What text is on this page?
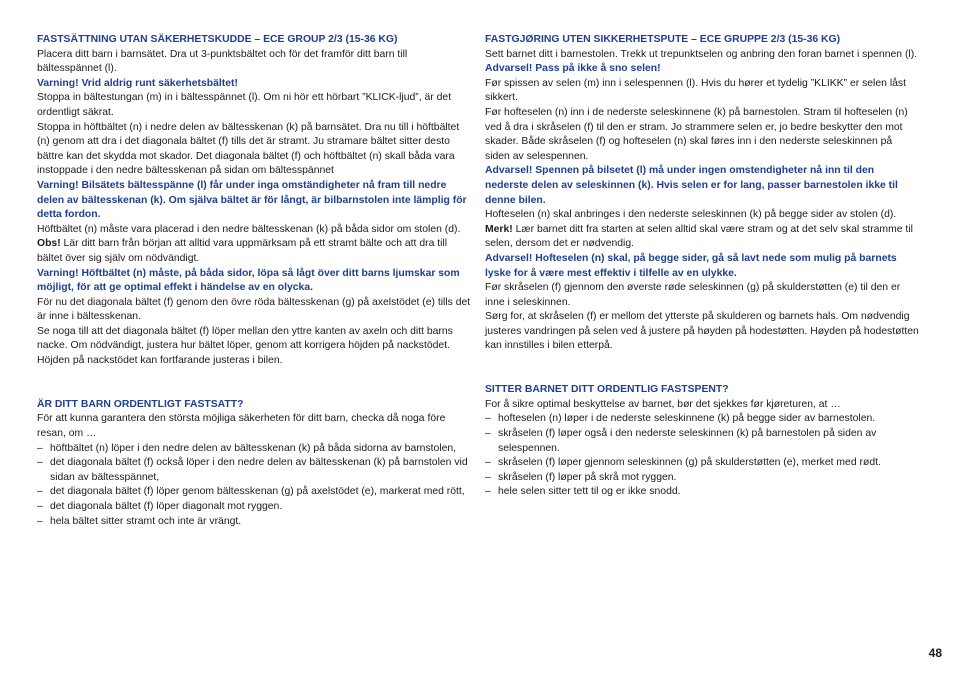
FASTSÄTTNING UTAN SÄKERHETSKUDDE – ECE GROUP 2/3 (15-36 KG)

Placera ditt barn i barnsätet. Dra ut 3-punktsbältet och för det framför ditt barn till bältesspännet (l).

Varning! Vrid aldrig runt säkerhetsbältet!

Stoppa in bältestungan (m) in i bältesspännet (l). Om ni hör ett hörbart ”KLICK-ljud”, är det ordentligt säkrat.

Stoppa in höftbältet (n) i nedre delen av bältesskenan (k) på barnsätet. Dra nu till i höftbältet (n) genom att dra i det diagonala bältet (f) tills det är stramt. Ju stramare bältet sitter desto bättre kan det skydda mot skador. Det diagonala bältet (f) och höftbältet (n) skall båda vara instoppade i den nedre bältesskenan på sidan om bältesspännet

Varning! Bilsätets bältesspänne (l) får under inga omständigheter nå fram till nedre delen av bältesskenan (k). Om själva bältet är för långt, är bilbarnstolen inte lämplig för detta fordon.

Höftbältet (n) måste vara placerad i den nedre bältesskenan (k) på båda sidor om stolen (d).

Obs! Lär ditt barn från början att alltid vara uppmärksam på ett stramt bälte och att dra till bältet över sig själv om nödvändigt.

Varning! Höftbältet (n) måste, på båda sidor, löpa så lågt över ditt barns ljumskar som möjligt, för att ge optimal effekt i händelse av en olycka.

För nu det diagonala bältet (f) genom den övre röda bältesskenan (g) på axelstödet (e) tills det är inne i bältesskenan.

Se noga till att det diagonala bältet (f) löper mellan den yttre kanten av axeln och ditt barns nacke. Om nödvändigt, justera hur bältet löper, genom att korrigera höjden på nackstödet. Höjden på nackstödet kan fortfarande justeras i bilen.

ÄR DITT BARN ORDENTLIGT FASTSATT?

För att kunna garantera den största möjliga säkerheten för ditt barn, checka då noga före resan, om …

– höftbältet (n) löper i den nedre delen av bältesskenan (k) på båda sidorna av barnstolen,
– det diagonala bältet (f) också löper i den nedre delen av bältesskenan (k) på barnstolen vid sidan av bältesspännet,
– det diagonala bältet (f) löper genom bältesskenan (g) på axelstödet (e), markerat med rött,
– det diagonala bältet (f) löper diagonalt mot ryggen.
– hela bältet sitter stramt och inte är vrängt.

FASTGJØRING UTEN SIKKERHETSPUTE – ECE GRUPPE 2/3 (15-36 KG)

Sett barnet ditt i barnestolen. Trekk ut trepunktselen og anbring den foran barnet i spennen (l).

Advarsel! Pass på ikke å sno selen!

Før spissen av selen (m) inn i selespennen (l). Hvis du hører et tydelig ”KLIKK” er selen låst sikkert.

Før hofteselen (n) inn i de nederste seleskinnene (k) på barnestolen. Stram til hofteselen (n) ved å dra i skråselen (f) til den er stram. Jo strammere selen er, jo bedre beskytter den mot skader. Både skråselen (f) og hofteselen (n) skal føres inn i den nederste seleskinnen på siden av selespennen.

Advarsel! Spennen på bilsetet (l) må under ingen omstendigheter nå inn til den nederste delen av seleskinnen (k). Hvis selen er for lang, passer barnestolen ikke til denne bilen.

Hofteselen (n) skal anbringes i den nederste seleskinnen (k) på begge sider av stolen (d).

Merk! Lær barnet ditt fra starten at selen alltid skal være stram og at det selv skal stramme til selen, dersom det er nødvendig.

Advarsel! Hofteselen (n) skal, på begge sider, gå så lavt nede som mulig på barnets lyske for å være mest effektiv i tilfelle av en ulykke.

Før skråselen (f) gjennom den øverste røde seleskinnen (g) på skulderstøtten (e) til den er inne i seleskinnen.

Sørg for, at skråselen (f) er mellom det ytterste på skulderen og barnets hals. Om nødvendig justeres vandringen på selen ved å justere på høyden på hodestøtten. Høyden på hodestøtten kan innstilles i bilen etterpå.

SITTER BARNET DITT ORDENTLIG FASTSPENT?

For å sikre optimal beskyttelse av barnet, bør det sjekkes før kjøreturen, at …

– hofteselen (n) løper i de nederste seleskinnene (k) på begge sider av barnestolen.
– skråselen (f) løper også i den nederste seleskinnen (k) på barnestolen på siden av selespennen.
– skråselen (f) løper gjennom seleskinnen (g) på skulderstøtten (e), merket med rødt.
– skråselen (f) løper på skrå mot ryggen.
– hele selen sitter tett til og er ikke snodd.
48
